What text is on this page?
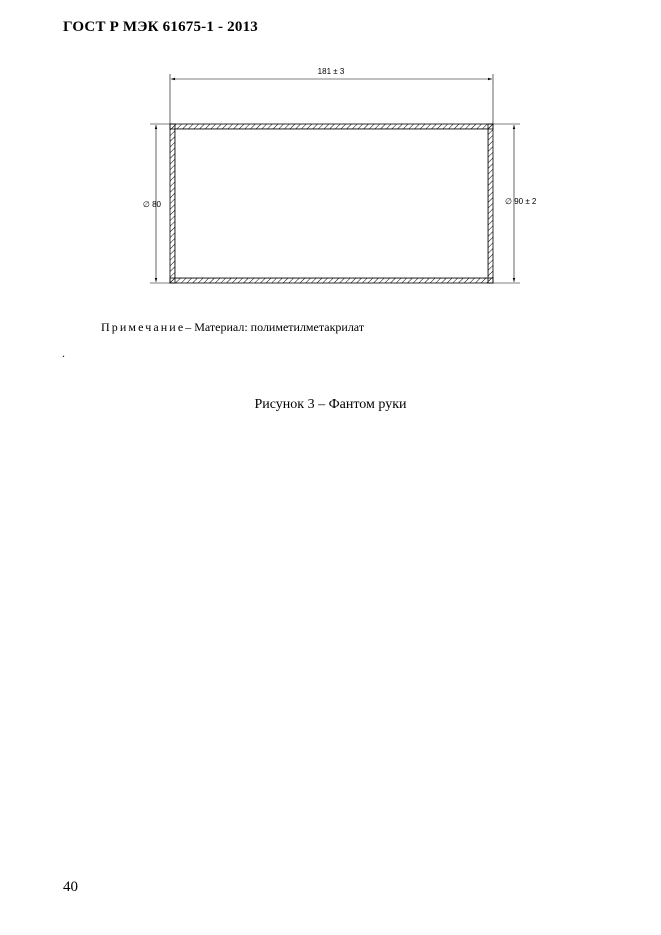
ГОСТ Р МЭК 61675-1 - 2013
181 ± 3
∅ 80	∅ 90 ± 2
Примечание– Материал: полиметилметакрилат
.
Рисунок 3 – Фантом руки
40
